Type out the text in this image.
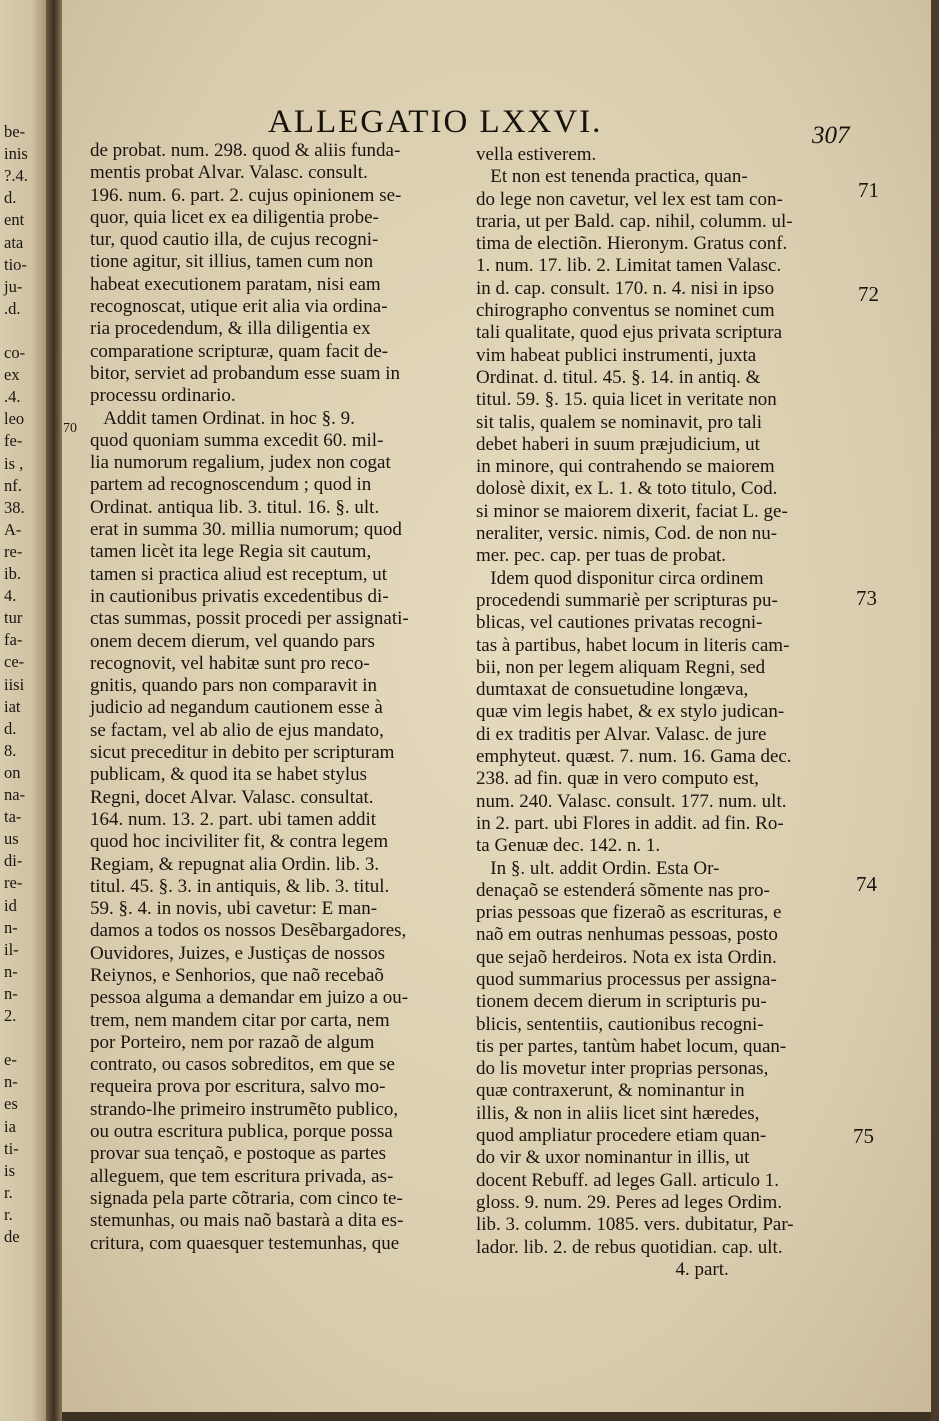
be-
inis
?.4.
d.
ent
ata
tio-
ju-
.d.
co-
ex
.4.
leo
fe-
is ,
nf.
38.
A-
re-
ib.
4.
tur
fa-
ce-
iisi
iat
d.
8.
on
na-
ta-
us
di-
re-
id
n-
il-
n-
n-
2.
e-
n-
es
ia
ti-
is
r.
r.
de
ALLEGATIO LXXVI.	307
de probat. num. 298. quod & aliis funda-
mentis probat Alvar. Valasc. consult.
196. num. 6. part. 2. cujus opinionem se-
quor, quia licet ex ea diligentia probe-
tur, quod cautio illa, de cujus recogni-
tione agitur, sit illius, tamen cum non
habeat executionem paratam, nisi eam
recognoscat, utique erit alia via ordina-
ria procedendum, & illa diligentia ex
comparatione scripturæ, quam facit de-
bitor, serviet ad probandum esse suam in
processu ordinario.
Addit tamen Ordinat. in hoc §. 9.
quod quoniam summa excedit 60. mil-
lia numorum regalium, judex non cogat
partem ad recognoscendum ; quod in
Ordinat. antiqua lib. 3. titul. 16. §. ult.
erat in summa 30. millia numorum; quod
tamen licèt ita lege Regia sit cautum,
tamen si practica aliud est receptum, ut
in cautionibus privatis excedentibus di-
ctas summas, possit procedi per assignati-
onem decem dierum, vel quando pars
recognovit, vel habitæ sunt pro reco-
gnitis, quando pars non comparavit in
judicio ad negandum cautionem esse à
se factam, vel ab alio de ejus mandato,
sicut preceditur in debito per scripturam
publicam, & quod ita se habet stylus
Regni, docet Alvar. Valasc. consultat.
164. num. 13. 2. part. ubi tamen addit
quod hoc inciviliter fit, & contra legem
Regiam, & repugnat alia Ordin. lib. 3.
titul. 45. §. 3. in antiquis, & lib. 3. titul.
59. §. 4. in novis, ubi cavetur: E man-
damos a todos os nossos Desẽbargadores,
Ouvidores, Juizes, e Justiças de nossos
Reiynos, e Senhorios, que naõ recebaõ
pessoa alguma a demandar em juizo a ou-
trem, nem mandem citar por carta, nem
por Porteiro, nem por razaõ de algum
contrato, ou casos sobreditos, em que se
requeira prova por escritura, salvo mo-
strando-lhe primeiro instrumẽto publico,
ou outra escritura publica, porque possa
provar sua tençaõ, e postoque as partes
alleguem, que tem escritura privada, as-
signada pela parte cõtraria, com cinco te-
stemunhas, ou mais naõ bastarà a dita es-
critura, com quaesquer testemunhas, que
vella estiverem.
Et non est tenenda practica, quan-
do lege non cavetur, vel lex est tam con-
traria, ut per Bald. cap. nihil, columm. ul-
tima de electiõn. Hieronym. Gratus conf.
1. num. 17. lib. 2. Limitat tamen Valasc.
in d. cap. consult. 170. n. 4. nisi in ipso
chirographo conventus se nominet cum
tali qualitate, quod ejus privata scriptura
vim habeat publici instrumenti, juxta
Ordinat. d. titul. 45. §. 14. in antiq. &
titul. 59. §. 15. quia licet in veritate non
sit talis, qualem se nominavit, pro tali
debet haberi in suum præjudicium, ut
in minore, qui contrahendo se maiorem
dolosè dixit, ex L. 1. & toto titulo, Cod.
si minor se maiorem dixerit, faciat L. ge-
neraliter, versic. nimis, Cod. de non nu-
mer. pec. cap. per tuas de probat.
Idem quod disponitur circa ordinem
procedendi summariè per scripturas pu-
blicas, vel cautiones privatas recogni-
tas à partibus, habet locum in literis cam-
bii, non per legem aliquam Regni, sed
dumtaxat de consuetudine longæva,
quæ vim legis habet, & ex stylo judican-
di ex traditis per Alvar. Valasc. de jure
emphyteut. quæst. 7. num. 16. Gama dec.
238. ad fin. quæ in vero computo est,
num. 240. Valasc. consult. 177. num. ult.
in 2. part. ubi Flores in addit. ad fin. Ro-
ta Genuæ dec. 142. n. 1.
In §. ult. addit Ordin. Esta Or-
denaçaõ se estenderá sõmente nas pro-
prias pessoas que fizeraõ as escrituras, e
naõ em outras nenhumas pessoas, posto
que sejaõ herdeiros. Nota ex ista Ordin.
quod summarius processus per assigna-
tionem decem dierum in scripturis pu-
blicis, sententiis, cautionibus recogni-
tis per partes, tantùm habet locum, quan-
do lis movetur inter proprias personas,
quæ contraxerunt, & nominantur in
illis, & non in aliis licet sint hæredes,
quod ampliatur procedere etiam quan-
do vir & uxor nominantur in illis, ut
docent Rebuff. ad leges Gall. articulo 1.
gloss. 9. num. 29. Peres ad leges Ordim.
lib. 3. columm. 1085. vers. dubitatur, Par-
lador. lib. 2. de rebus quotidian. cap. ult.
4. part.
70
71
72
73
74
75
